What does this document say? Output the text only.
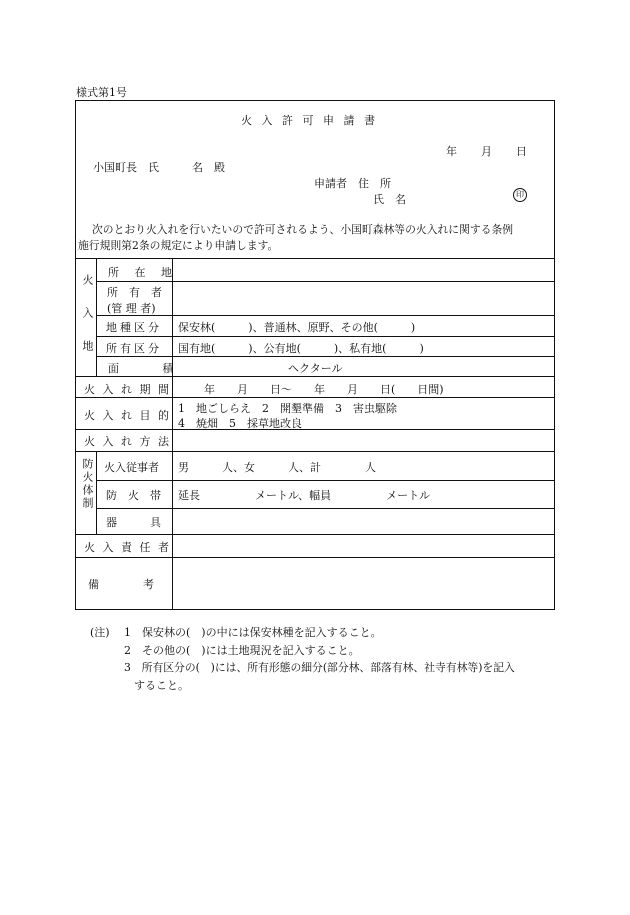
様式第1号
火 入 許 可 申 請 書
年 月 日
小国町長　氏　　　名　殿
申請者　住　所
氏　名	印
次のとおり火入れを行いたいので許可されるよう、小国町森林等の火入れに関する条例
施行規則第2条の規定により申請します。
火入地
防火体制
所 在 地
所　有　者
(管 理 者)
地種区分
所有区分
面 積
火 入 れ 期 間
火 入 れ 目 的
火 入 れ 方 法
火入従事者
防　火　帯
器　　　具
火 入 責 任 者
備　　　　考
保安林(　　　)、普通林、原野、その他(　　　)
国有地(　　　)、公有地(　　　)、私有地(　　　)
ヘクタール
年　　月　　日～　　年　　月　　日(　　日間)
1　地ごしらえ　2　開墾準備　3　害虫駆除
4　焼畑　5　採草地改良
男　　　人、女　　　人、計　　　　人
延長　　　　　メートル、幅員　　　　　メートル
(注) 1　保安林の(　)の中には保安林種を記入すること。
2　その他の(　)には土地現況を記入すること。
3　所有区分の(　)には、所有形態の細分(部分林、部落有林、社寺有林等)を記入
すること。
